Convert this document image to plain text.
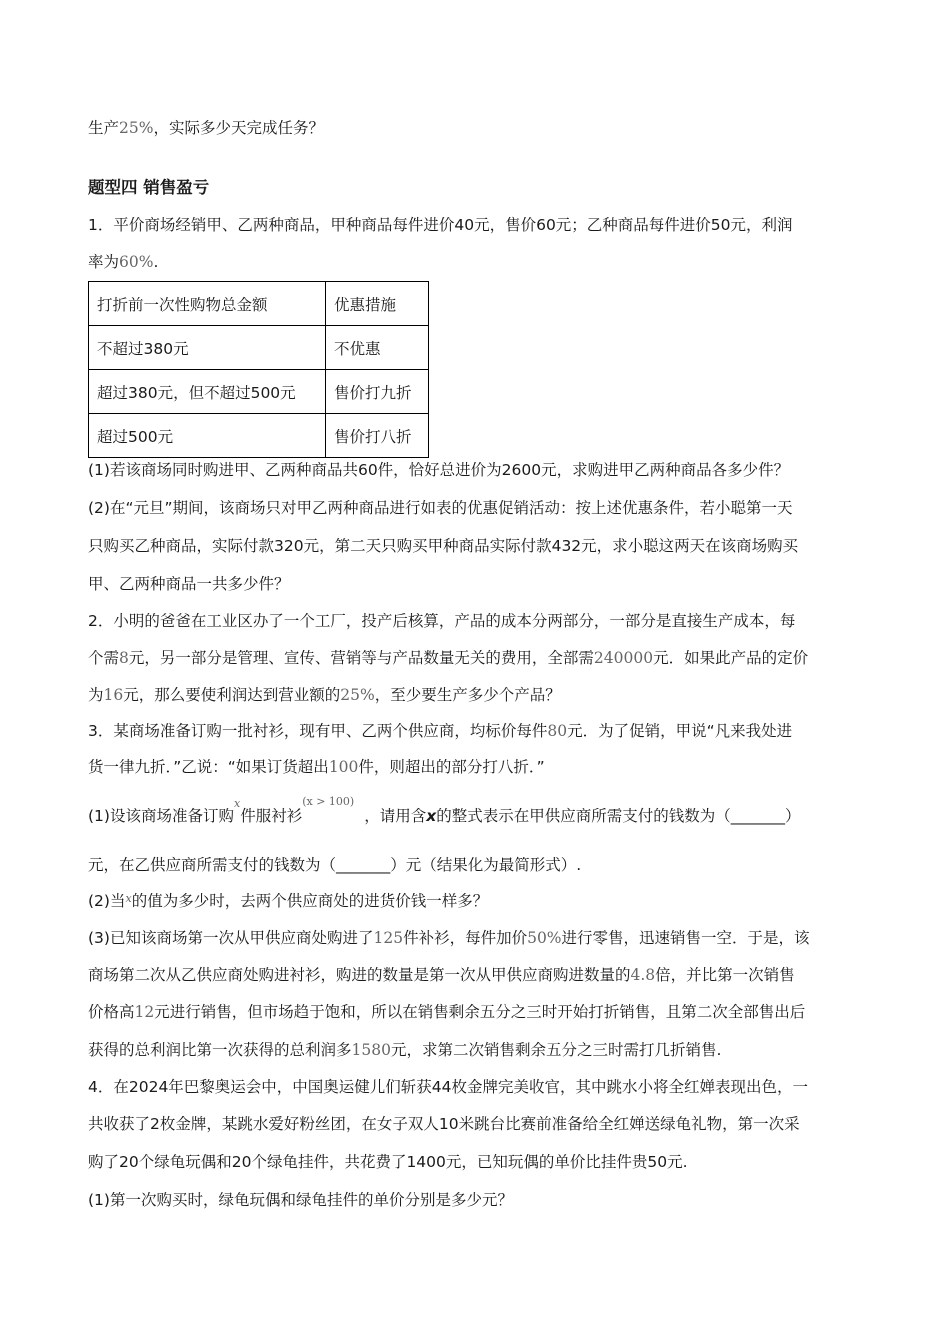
生产25%，实际多少天完成任务？
题型四 销售盈亏
1．平价商场经销甲、乙两种商品，甲种商品每件进价40元，售价60元；乙种商品每件进价50元，利润
率为60%.
打折前一次性购物总金额	优惠措施
不超过380元	不优惠
超过380元，但不超过500元	售价打九折
超过500元	售价打八折
(1)若该商场同时购进甲、乙两种商品共60件，恰好总进价为2600元，求购进甲乙两种商品各多少件？
(2)在“元旦”期间，该商场只对甲乙两种商品进行如表的优惠促销活动：按上述优惠条件，若小聪第一天
只购买乙种商品，实际付款320元，第二天只购买甲种商品实际付款432元，求小聪这两天在该商场购买
甲、乙两种商品一共多少件？
2．小明的爸爸在工业区办了一个工厂，投产后核算，产品的成本分两部分，一部分是直接生产成本，每
个需8元，另一部分是管理、宣传、营销等与产品数量无关的费用，全部需240000元．如果此产品的定价
为16元，那么要使利润达到营业额的25%，至少要生产多少个产品？
3．某商场准备订购一批衬衫，现有甲、乙两个供应商，均标价每件80元．为了促销，甲说“凡来我处进
货一律九折．”乙说：“如果订货超出100件，则超出的部分打八折．”
(1)设该商场准备订购$^x$件服衬衫(x > 100)，请用含x的整式表示在甲供应商所需支付的钱数为（_______）
元，在乙供应商所需支付的钱数为（_______）元（结果化为最简形式）.
(2)当$^x$的值为多少时，去两个供应商处的进货价钱一样多？
(3)已知该商场第一次从甲供应商处购进了125件补衫，每件加价50%进行零售，迅速销售一空．于是，该
商场第二次从乙供应商处购进衬衫，购进的数量是第一次从甲供应商购进数量的4.8倍，并比第一次销售
价格高12元进行销售，但市场趋于饱和，所以在销售剩余五分之三时开始打折销售，且第二次全部售出后
获得的总利润比第一次获得的总利润多1580元，求第二次销售剩余五分之三时需打几折销售.
4．在2024年巴黎奥运会中，中国奥运健儿们斩获44枚金牌完美收官，其中跳水小将全红婵表现出色，一
共收获了2枚金牌，某跳水爱好粉丝团，在女子双人10米跳台比赛前准备给全红婵送绿龟礼物，第一次采
购了20个绿龟玩偶和20个绿龟挂件，共花费了1400元，已知玩偶的单价比挂件贵50元.
(1)第一次购买时，绿龟玩偶和绿龟挂件的单价分别是多少元？
